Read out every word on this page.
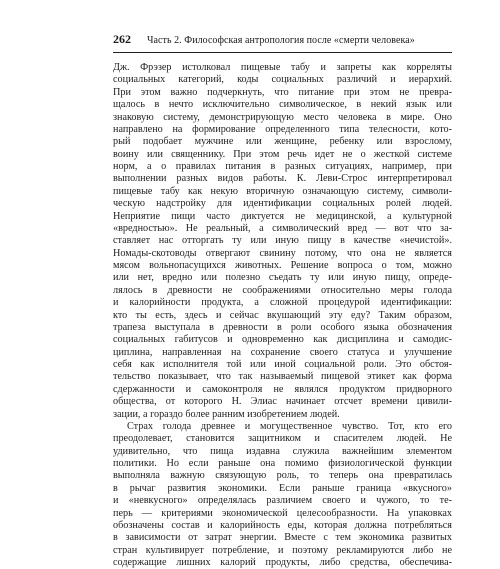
262 Часть 2. Философская антропология после «смерти человека»
Дж. Фрэзер истолковал пищевые табу и запреты как корреляты
социальных категорий, коды социальных различий и иерархий.
При этом важно подчеркнуть, что питание при этом не превра-
щалось в нечто исключительно символическое, в некий язык или
знаковую систему, демонстрирующую место человека в мире. Оно
направлено на формирование определенного типа телесности, кото-
рый подобает мужчине или женщине, ребенку или взрослому,
воину или священнику. При этом речь идет не о жесткой системе
норм, а о правилах питания в разных ситуациях, например, при
выполнении разных видов работы. К. Леви-Строс интерпретировал
пищевые табу как некую вторичную означающую систему, символи-
ческую надстройку для идентификации социальных ролей людей.
Неприятие пищи часто диктуется не медицинской, а культурной
«вредностью». Не реальный, а символический вред — вот что за-
ставляет нас отторгать ту или иную пищу в качестве «нечистой».
Номады-скотоводы отвергают свинину потому, что она не является
мясом вольнопасущихся животных. Решение вопроса о том, можно
или нет, вредно или полезно съедать ту или иную пищу, опреде-
лялось в древности не соображениями относительно меры голода
и калорийности продукта, а сложной процедурой идентификации:
кто ты есть, здесь и сейчас вкушающий эту еду? Таким образом,
трапеза выступала в древности в роли особого языка обозначения
социальных габитусов и одновременно как дисциплина и самодис-
циплина, направленная на сохранение своего статуса и улучшение
себя как исполнителя той или иной социальной роли. Это обстоя-
тельство показывает, что так называемый пищевой этикет как форма
сдержанности и самоконтроля не являлся продуктом придворного
общества, от которого Н. Элиас начинает отсчет времени цивили-
зации, а гораздо более ранним изобретением людей.
Страх голода древнее и могущественное чувство. Тот, кто его
преодолевает, становится защитником и спасителем людей. Не
удивительно, что пища издавна служила важнейшим элементом
политики. Но если раньше она помимо физиологической функции
выполняла важную связующую роль, то теперь она превратилась
в рычаг развития экономики. Если раньше граница «вкусного»
и «невкусного» определялась различием своего и чужого, то те-
перь — критериями экономической целесообразности. На упаковках
обозначены состав и калорийность еды, которая должна потребляться
в зависимости от затрат энергии. Вместе с тем экономика развитых
стран культивирует потребление, и поэтому рекламируются либо не
содержащие лишних калорий продукты, либо средства, обеспечива-
